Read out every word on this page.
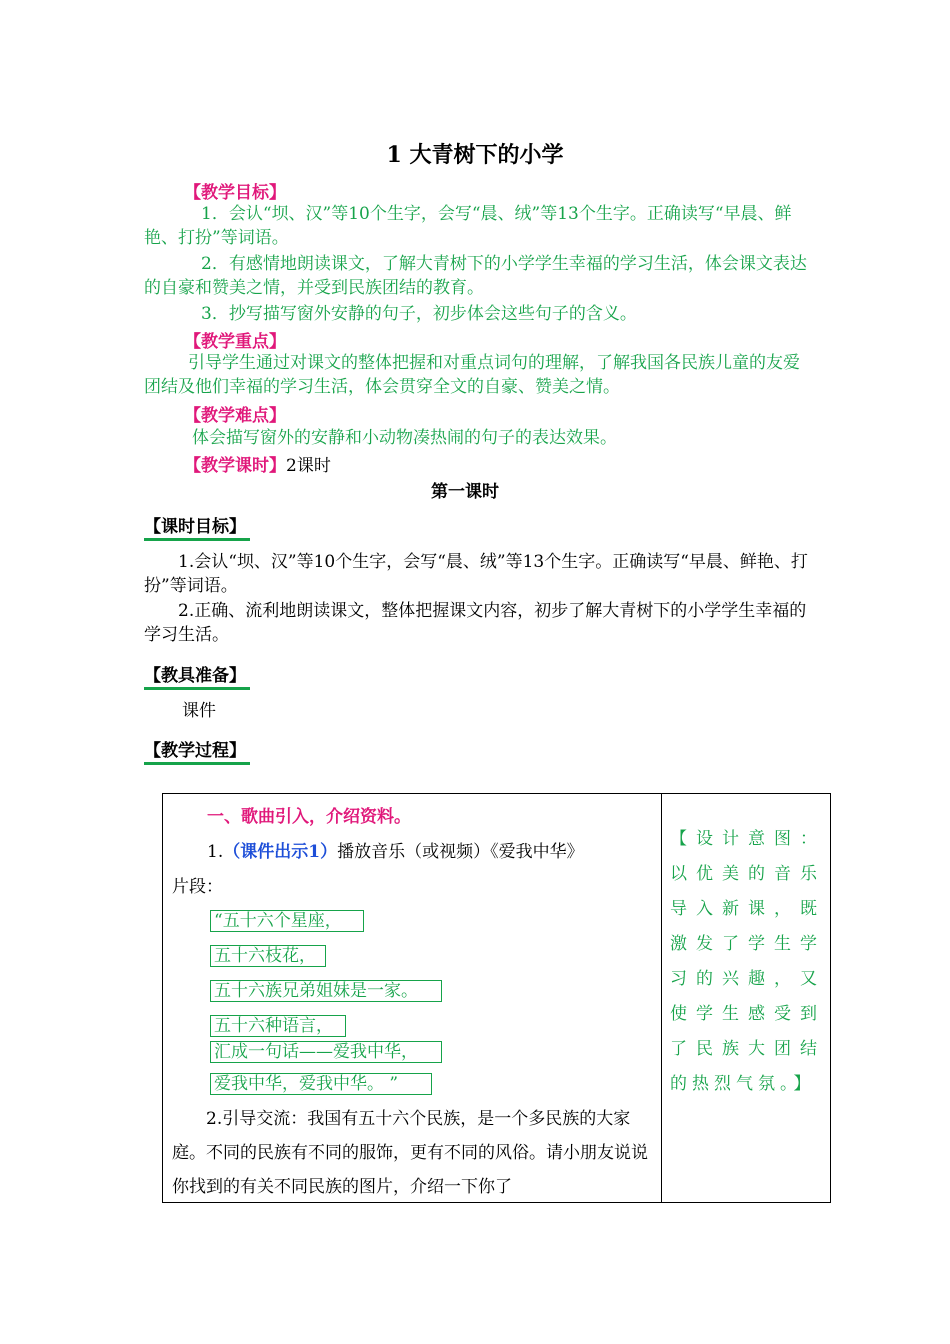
1 大青树下的小学
【教学目标】
1．会认“坝、汉”等10个生字，会写“晨、绒”等13个生字。正确读写“早晨、鲜艳、打扮”等词语。
2．有感情地朗读课文，了解大青树下的小学学生幸福的学习生活，体会课文表达的自豪和赞美之情，并受到民族团结的教育。
3．抄写描写窗外安静的句子，初步体会这些句子的含义。
【教学重点】
引导学生通过对课文的整体把握和对重点词句的理解，了解我国各民族儿童的友爱团结及他们幸福的学习生活，体会贯穿全文的自豪、赞美之情。
【教学难点】
体会描写窗外的安静和小动物凑热闹的句子的表达效果。
【教学课时】2课时
第一课时
【课时目标】
1.会认“坝、汉”等10个生字，会写“晨、绒”等13个生字。正确读写“早晨、鲜艳、打扮”等词语。
2.正确、流利地朗读课文，整体把握课文内容，初步了解大青树下的小学学生幸福的学习生活。
【教具准备】
课件
【教学过程】
一、歌曲引入，介绍资料。
1.（课件出示1）播放音乐（或视频）《爱我中华》
片段：
“五十六个星座，
五十六枝花，
五十六族兄弟姐妹是一家。
五十六种语言，
汇成一句话——爱我中华，
爱我中华，爱我中华。 ”
2.引导交流：我国有五十六个民族，是一个多民族的大家庭。不同的民族有不同的服饰，更有不同的风俗。请小朋友说说你找到的有关不同民族的图片，介绍一下你了

【设计意图：以优美的音乐导入新课，既激发了学生学习的兴趣，又使学生感受到了民族大团结的热烈气氛。】
